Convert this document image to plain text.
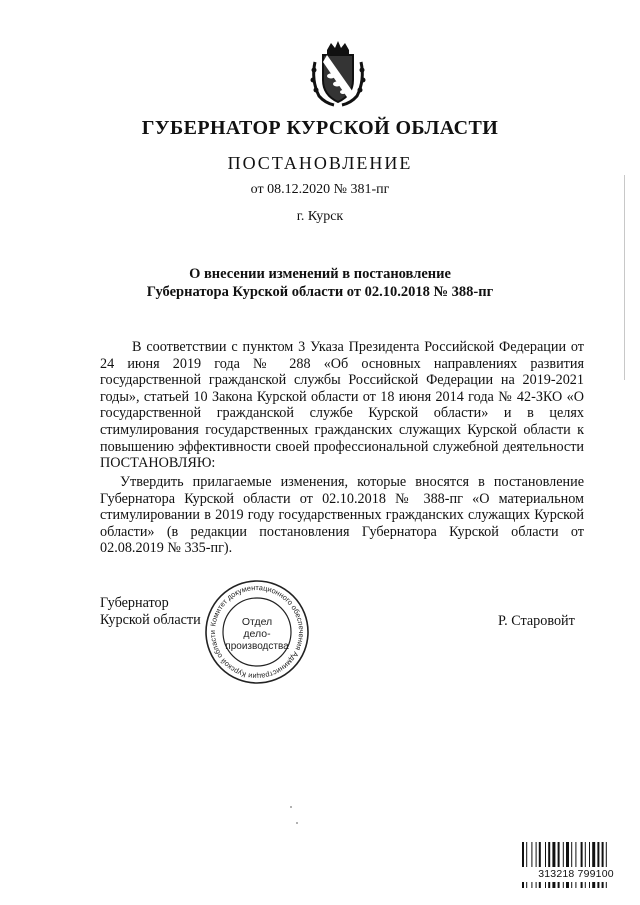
ГУБЕРНАТОР КУРСКОЙ ОБЛАСТИ
ПОСТАНОВЛЕНИЕ
от 08.12.2020 № 381-пг
г. Курск
О внесении изменений в постановление
Губернатора Курской области от 02.10.2018 № 388-пг
В соответствии с пунктом 3 Указа Президента Российской Федерации от 24 июня 2019 года № 288 «Об основных направлениях развития государственной гражданской службы Российской Федерации на 2019-2021 годы», статьей 10 Закона Курской области от 18 июня 2014 года № 42-ЗКО «О государственной гражданской службе Курской области» и в целях стимулирования государственных гражданских служащих Курской области к повышению эффективности своей профессиональной служебной деятельности ПОСТАНОВЛЯЮ:
Утвердить прилагаемые изменения, которые вносятся в постановление Губернатора Курской области от 02.10.2018 № 388-пг «О материальном стимулировании в 2019 году государственных гражданских служащих Курской области» (в редакции постановления Губернатора Курской области от 02.08.2019 № 335-пг).
Губернатор
Курской области	Р. Старовойт
Комитет документационного обеспечения Администрации Курской области
Отдел
дело-
производства
313218 799100
